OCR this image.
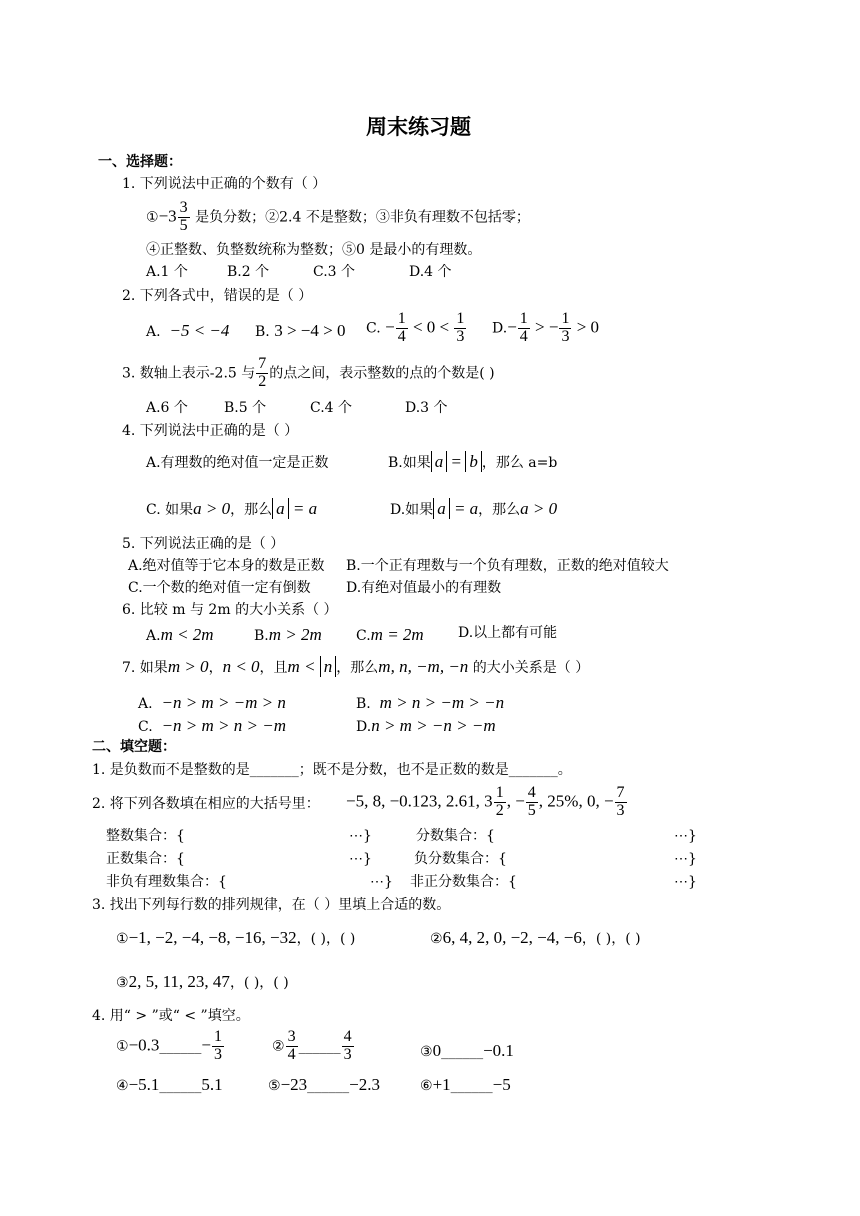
周末练习题
一、选择题：
1. 下列说法中正确的个数有（ ）
①−3 $\frac{3}{5}$ 是负分数；②2.4 不是整数；③非负有理数不包括零；
④正整数、负整数统称为整数；⑤0 是最小的有理数。
A.1 个	B.2 个	C.3 个	D.4 个
2. 下列各式中，错误的是（ ）
A. −5 < −4 B. 3 > −4 > 0 C. − $\frac{1}{4} < 0 < \frac{1}{3} D.- \frac{1}{4}$ > − $\frac{1}{3} > 0$
3. 数轴上表示-2.5 与 $\frac{7}{2}$ 的点之间，表示整数的点的个数是( )
A.6 个	B.5 个	C.4 个	D.3 个
4. 下列说法中正确的是（ ）
A.有理数的绝对值一定是正数	B.如果 a = b ，那么 a=b
C. 如果a > 0，那么 a = a	D.如果 a = a，那么a > 0
5. 下列说法正确的是（ ）
A.绝对值等于它本身的数是正数 B.一个正有理数与一个负有理数，正数的绝对值较大
C.一个数的绝对值一定有倒数	D.有绝对值最小的有理数
6. 比较 m 与 2m 的大小关系（ ）
A.m < 2m	B.m > 2m C.m = 2m D.以上都有可能
7. 如果m > 0，n < 0，且m < n ，那么m, n, −m, −n 的大小关系是（ ）
A. −n > m > −m > n	B. m > n > −m > −n
C. −n > m > n > −m	D.n > m > −n > −m
二、填空题：
1. 是负数而不是整数的是_______；既不是分数，也不是正数的数是_______。
2. 将下列各数填在相应的大括号里： −5, 8, −0.123, 2.61, $3 \frac{1}{2}$ , − $\frac{4}{5}$ , 25%, 0, − $\frac{7}{3}$
整数集合：{	⋯}	分数集合：{	⋯}
正数集合：{	⋯}	负分数集合：{	⋯}
非负有理数集合：{	⋯} 非正分数集合：{	⋯}
3. 找出下列每行数的排列规律，在（ ）里填上合适的数。
①−1, −2, −4, −8, −16, −32，( )，( )	②6, 4, 2, 0, −2, −4, −6，( )，( )
③2, 5, 11, 23, 47，( )，( )
4. 用“ > ”或“ < ”填空。
①−0.3______− $\frac{1}{3}$	② $\frac{3}{4}$ ______ $\frac{4}{3}$	③0______−0.1
④−5.1______5.1	⑤−23______−2.3	⑥+1______−5
